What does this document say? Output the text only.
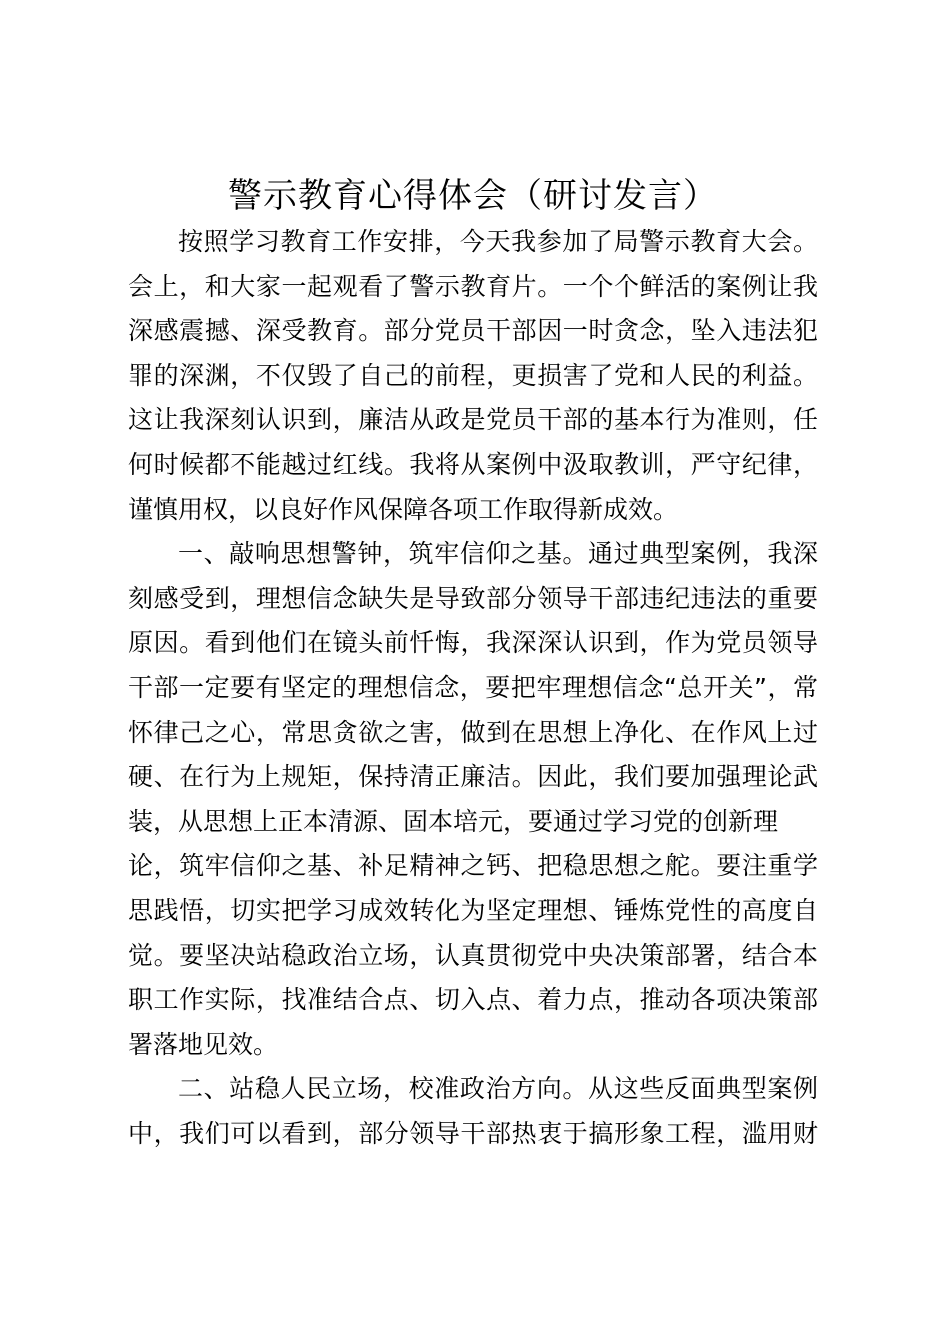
警示教育心得体会（研讨发言）
按照学习教育工作安排，今天我参加了局警示教育大会。
会上，和大家一起观看了警示教育片。一个个鲜活的案例让我
深感震撼、深受教育。部分党员干部因一时贪念，坠入违法犯
罪的深渊，不仅毁了自己的前程，更损害了党和人民的利益。
这让我深刻认识到，廉洁从政是党员干部的基本行为准则，任
何时候都不能越过红线。我将从案例中汲取教训，严守纪律，
谨慎用权，以良好作风保障各项工作取得新成效。
一、敲响思想警钟，筑牢信仰之基。通过典型案例，我深
刻感受到，理想信念缺失是导致部分领导干部违纪违法的重要
原因。看到他们在镜头前忏悔，我深深认识到，作为党员领导
干部一定要有坚定的理想信念，要把牢理想信念“总开关”，常
怀律己之心，常思贪欲之害，做到在思想上净化、在作风上过
硬、在行为上规矩，保持清正廉洁。因此，我们要加强理论武
装，从思想上正本清源、固本培元，要通过学习党的创新理
论，筑牢信仰之基、补足精神之钙、把稳思想之舵。要注重学
思践悟，切实把学习成效转化为坚定理想、锤炼党性的高度自
觉。要坚决站稳政治立场，认真贯彻党中央决策部署，结合本
职工作实际，找准结合点、切入点、着力点，推动各项决策部
署落地见效。
二、站稳人民立场，校准政治方向。从这些反面典型案例
中，我们可以看到，部分领导干部热衷于搞形象工程，滥用财
